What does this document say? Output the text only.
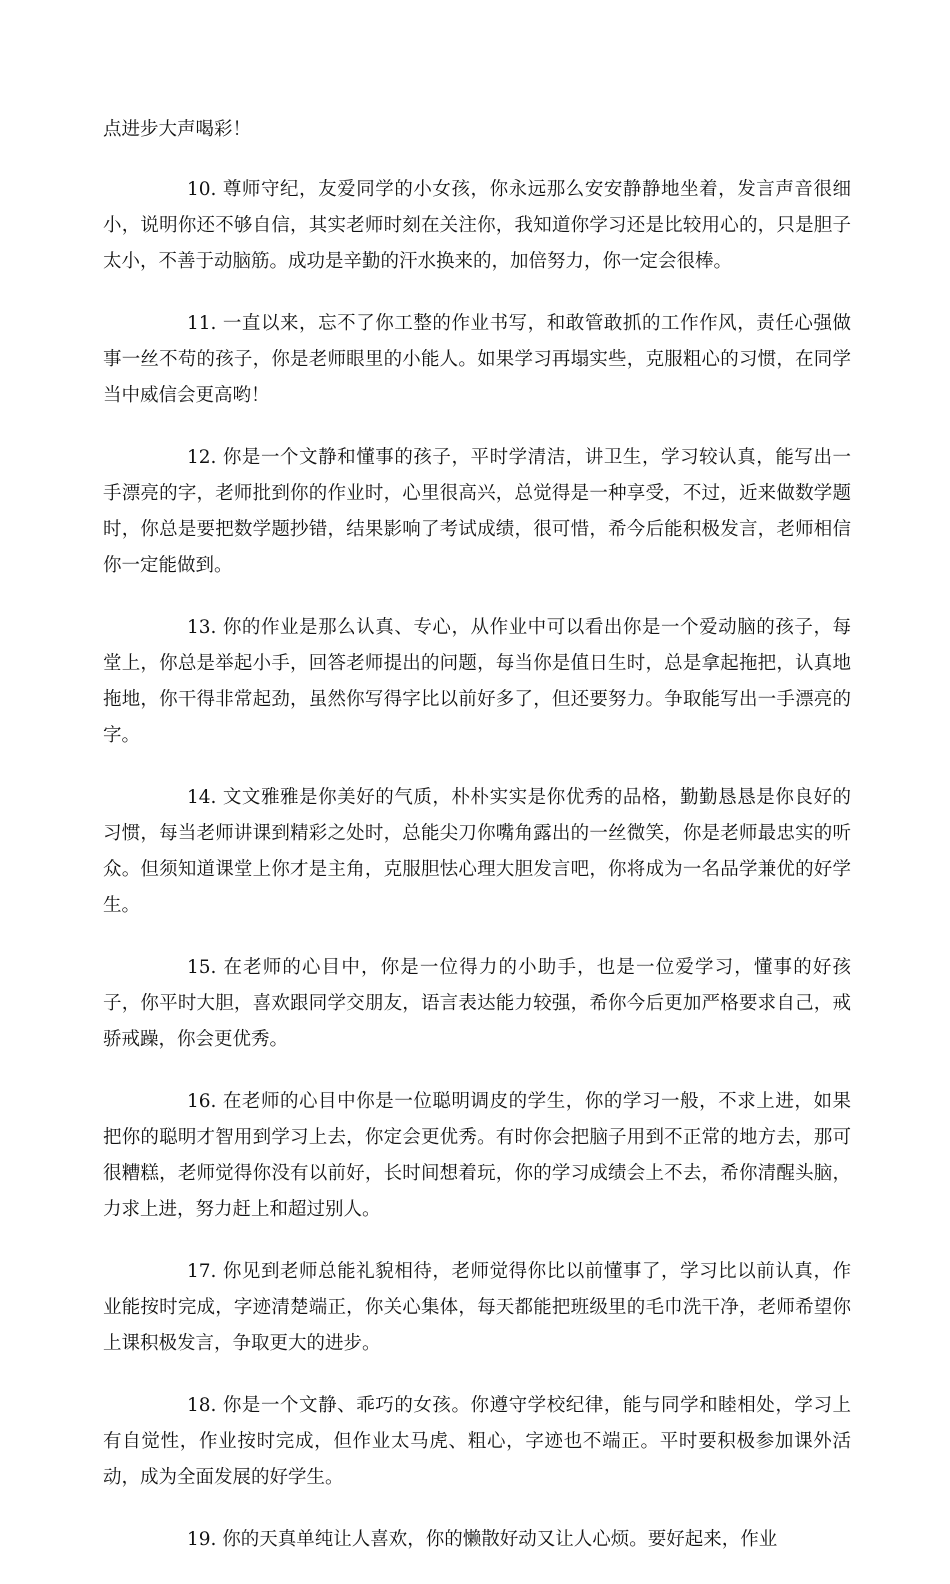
点进步大声喝彩！

10. 尊师守纪，友爱同学的小女孩，你永远那么安安静静地坐着，发言声音很细小，说明你还不够自信，其实老师时刻在关注你，我知道你学习还是比较用心的，只是胆子太小，不善于动脑筋。成功是辛勤的汗水换来的，加倍努力，你一定会很棒。

11. 一直以来，忘不了你工整的作业书写，和敢管敢抓的工作作风，责任心强做事一丝不苟的孩子，你是老师眼里的小能人。如果学习再塌实些，克服粗心的习惯，在同学当中威信会更高哟！

12. 你是一个文静和懂事的孩子，平时学清洁，讲卫生，学习较认真，能写出一手漂亮的字，老师批到你的作业时，心里很高兴，总觉得是一种享受，不过，近来做数学题时，你总是要把数学题抄错，结果影响了考试成绩，很可惜，希今后能积极发言，老师相信你一定能做到。

13. 你的作业是那么认真、专心，从作业中可以看出你是一个爱动脑的孩子，每堂上，你总是举起小手，回答老师提出的问题，每当你是值日生时，总是拿起拖把，认真地拖地，你干得非常起劲，虽然你写得字比以前好多了，但还要努力。争取能写出一手漂亮的字。

14. 文文雅雅是你美好的气质，朴朴实实是你优秀的品格，勤勤恳恳是你良好的习惯，每当老师讲课到精彩之处时，总能尖刀你嘴角露出的一丝微笑，你是老师最忠实的听众。但须知道课堂上你才是主角，克服胆怯心理大胆发言吧，你将成为一名品学兼优的好学生。

15. 在老师的心目中，你是一位得力的小助手，也是一位爱学习，懂事的好孩子，你平时大胆，喜欢跟同学交朋友，语言表达能力较强，希你今后更加严格要求自己，戒骄戒躁，你会更优秀。

16. 在老师的心目中你是一位聪明调皮的学生，你的学习一般，不求上进，如果把你的聪明才智用到学习上去，你定会更优秀。有时你会把脑子用到不正常的地方去，那可很糟糕，老师觉得你没有以前好，长时间想着玩，你的学习成绩会上不去，希你清醒头脑，力求上进，努力赶上和超过别人。

17. 你见到老师总能礼貌相待，老师觉得你比以前懂事了，学习比以前认真，作业能按时完成，字迹清楚端正，你关心集体，每天都能把班级里的毛巾洗干净，老师希望你上课积极发言，争取更大的进步。

18. 你是一个文静、乖巧的女孩。你遵守学校纪律，能与同学和睦相处，学习上有自觉性，作业按时完成，但作业太马虎、粗心，字迹也不端正。平时要积极参加课外活动，成为全面发展的好学生。

19. 你的天真单纯让人喜欢，你的懒散好动又让人心烦。要好起来，作业
